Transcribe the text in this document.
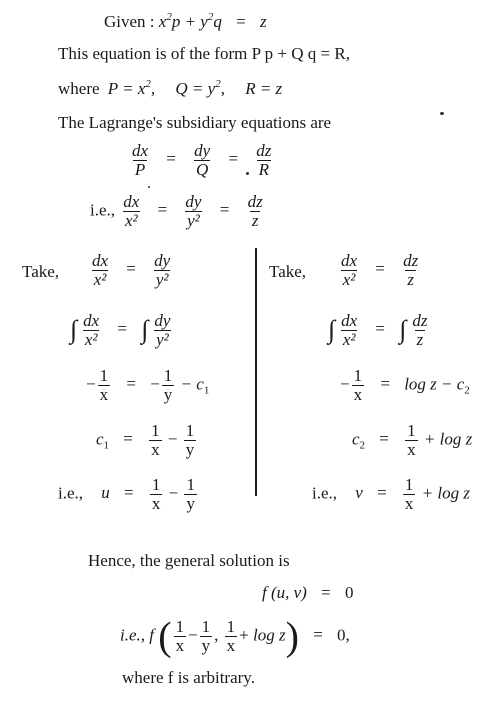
Given : $x^2p + y^2q = z$
This equation is of the form P p + Q q = R,
where $P = x^2$, $Q = y^2$, R = z
The Lagrange's subsidiary equations are
$\frac{dx}{P} = \frac{dy}{Q} = \frac{dz}{R}$
i.e., $\frac{dx}{\text{x²}} = \frac{dy}{\text{y²}} = \frac{dz}{z}$
Take, $\frac{dx}{\text{x²}} = \frac{dy}{\text{y²}}$
∫ $\frac{dx}{\text{x²}}$ = ∫ $\frac{dy}{\text{y²}}$
− $\frac{1}{x}$ = − $\frac{1}{y} - c_1$
$c_1 = \frac{1}{x} - \frac{1}{y}$
i.e., $u = \frac{1}{x} - \frac{1}{y}$
Take, $\frac{dx}{\text{x²}} = \frac{dz}{z}$
∫ $\frac{dx}{\text{x²}}$ = ∫ $\frac{dz}{z}$
− $\frac{1}{x} = \log z - c_2$
$c_2 = \frac{1}{x} + \log z$
i.e., $v = \frac{1}{x} + \log z$
Hence, the general solution is
f (u, v) = 0
i.e., f ( $\frac{1}{x} - \frac{1}{y}$ , $\frac{1}{x} + \log z) = 0$,
where f is arbitrary.
